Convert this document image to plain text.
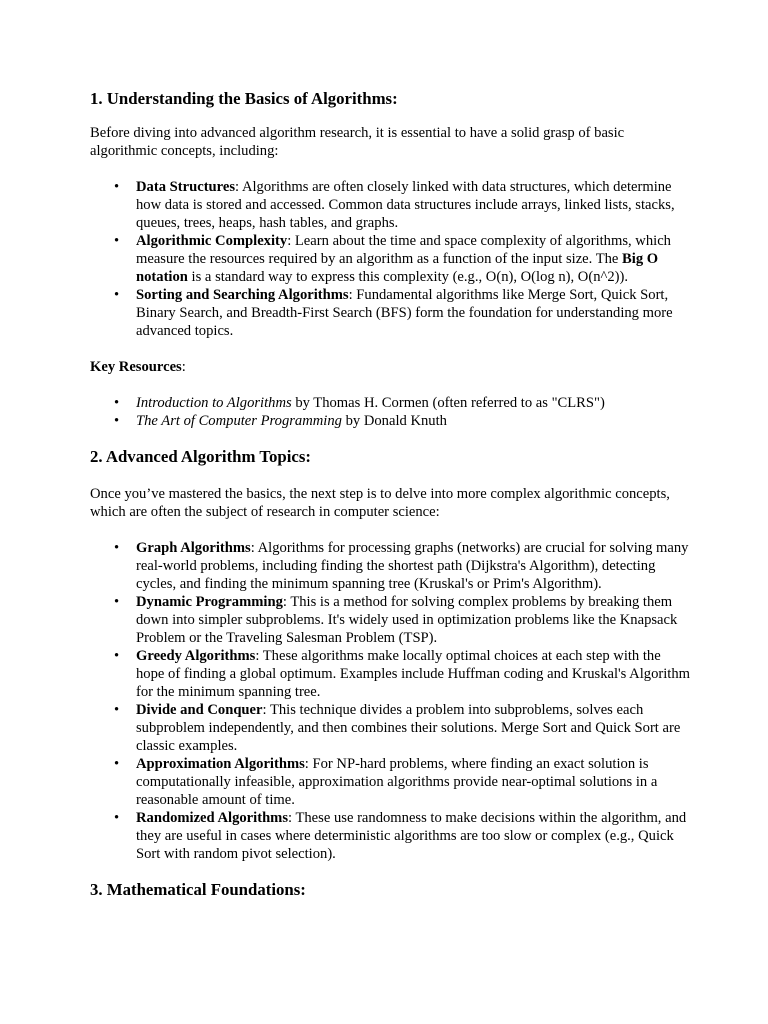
1. Understanding the Basics of Algorithms:

Before diving into advanced algorithm research, it is essential to have a solid grasp of basic algorithmic concepts, including:

• Data Structures: Algorithms are often closely linked with data structures, which determine how data is stored and accessed. Common data structures include arrays, linked lists, stacks, queues, trees, heaps, hash tables, and graphs.
• Algorithmic Complexity: Learn about the time and space complexity of algorithms, which measure the resources required by an algorithm as a function of the input size. The Big O notation is a standard way to express this complexity (e.g., O(n), O(log n), O(n^2)).
• Sorting and Searching Algorithms: Fundamental algorithms like Merge Sort, Quick Sort, Binary Search, and Breadth-First Search (BFS) form the foundation for understanding more advanced topics.

Key Resources:

• Introduction to Algorithms by Thomas H. Cormen (often referred to as "CLRS")
• The Art of Computer Programming by Donald Knuth
2. Advanced Algorithm Topics:

Once you’ve mastered the basics, the next step is to delve into more complex algorithmic concepts, which are often the subject of research in computer science:

• Graph Algorithms: Algorithms for processing graphs (networks) are crucial for solving many real-world problems, including finding the shortest path (Dijkstra's Algorithm), detecting cycles, and finding the minimum spanning tree (Kruskal's or Prim's Algorithm).
• Dynamic Programming: This is a method for solving complex problems by breaking them down into simpler subproblems. It's widely used in optimization problems like the Knapsack Problem or the Traveling Salesman Problem (TSP).
• Greedy Algorithms: These algorithms make locally optimal choices at each step with the hope of finding a global optimum. Examples include Huffman coding and Kruskal's Algorithm for the minimum spanning tree.
• Divide and Conquer: This technique divides a problem into subproblems, solves each subproblem independently, and then combines their solutions. Merge Sort and Quick Sort are classic examples.
• Approximation Algorithms: For NP-hard problems, where finding an exact solution is computationally infeasible, approximation algorithms provide near-optimal solutions in a reasonable amount of time.
• Randomized Algorithms: These use randomness to make decisions within the algorithm, and they are useful in cases where deterministic algorithms are too slow or complex (e.g., Quick Sort with random pivot selection).
3. Mathematical Foundations:
